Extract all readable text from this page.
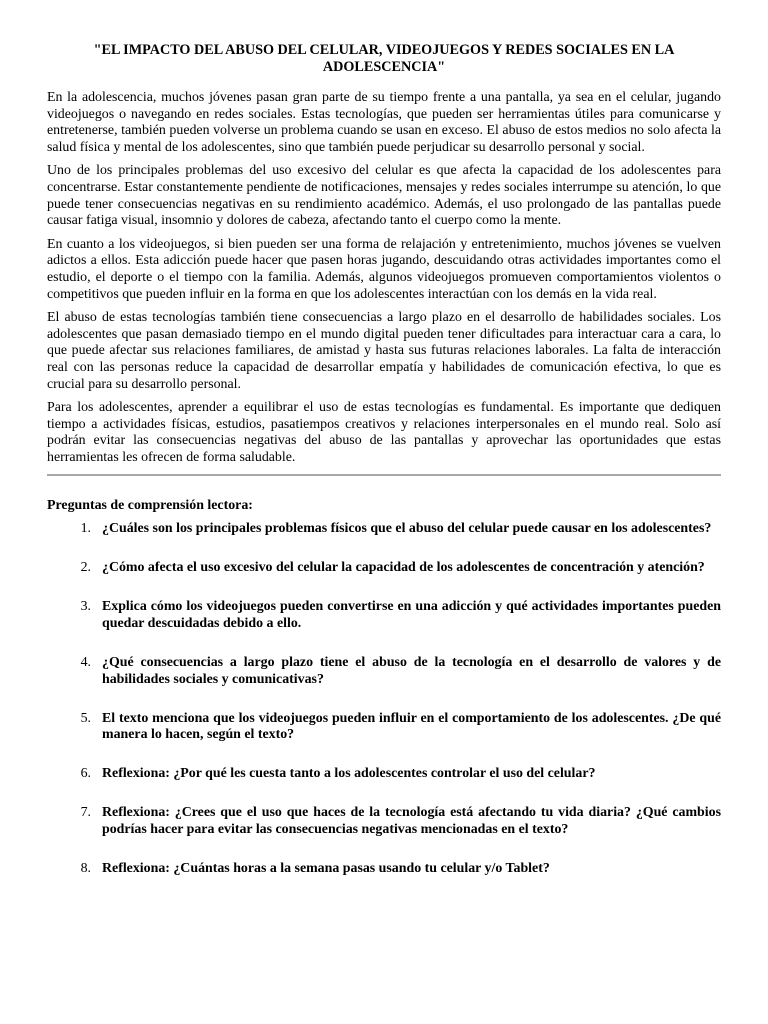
"EL IMPACTO DEL ABUSO DEL CELULAR, VIDEOJUEGOS Y REDES SOCIALES EN LA ADOLESCENCIA"

En la adolescencia, muchos jóvenes pasan gran parte de su tiempo frente a una pantalla, ya sea en el celular, jugando videojuegos o navegando en redes sociales. Estas tecnologías, que pueden ser herramientas útiles para comunicarse y entretenerse, también pueden volverse un problema cuando se usan en exceso. El abuso de estos medios no solo afecta la salud física y mental de los adolescentes, sino que también puede perjudicar su desarrollo personal y social.

Uno de los principales problemas del uso excesivo del celular es que afecta la capacidad de los adolescentes para concentrarse. Estar constantemente pendiente de notificaciones, mensajes y redes sociales interrumpe su atención, lo que puede tener consecuencias negativas en su rendimiento académico. Además, el uso prolongado de las pantallas puede causar fatiga visual, insomnio y dolores de cabeza, afectando tanto el cuerpo como la mente.

En cuanto a los videojuegos, si bien pueden ser una forma de relajación y entretenimiento, muchos jóvenes se vuelven adictos a ellos. Esta adicción puede hacer que pasen horas jugando, descuidando otras actividades importantes como el estudio, el deporte o el tiempo con la familia. Además, algunos videojuegos promueven comportamientos violentos o competitivos que pueden influir en la forma en que los adolescentes interactúan con los demás en la vida real.

El abuso de estas tecnologías también tiene consecuencias a largo plazo en el desarrollo de habilidades sociales. Los adolescentes que pasan demasiado tiempo en el mundo digital pueden tener dificultades para interactuar cara a cara, lo que puede afectar sus relaciones familiares, de amistad y hasta sus futuras relaciones laborales. La falta de interacción real con las personas reduce la capacidad de desarrollar empatía y habilidades de comunicación efectiva, lo que es crucial para su desarrollo personal.

Para los adolescentes, aprender a equilibrar el uso de estas tecnologías es fundamental. Es importante que dediquen tiempo a actividades físicas, estudios, pasatiempos creativos y relaciones interpersonales en el mundo real. Solo así podrán evitar las consecuencias negativas del abuso de las pantallas y aprovechar las oportunidades que estas herramientas les ofrecen de forma saludable.

Preguntas de comprensión lectora:
1. ¿Cuáles son los principales problemas físicos que el abuso del celular puede causar en los adolescentes?
2. ¿Cómo afecta el uso excesivo del celular la capacidad de los adolescentes de concentración y atención?
3. Explica cómo los videojuegos pueden convertirse en una adicción y qué actividades importantes pueden quedar descuidadas debido a ello.
4. ¿Qué consecuencias a largo plazo tiene el abuso de la tecnología en el desarrollo de valores y de habilidades sociales y comunicativas?
5. El texto menciona que los videojuegos pueden influir en el comportamiento de los adolescentes. ¿De qué manera lo hacen, según el texto?
6. Reflexiona: ¿Por qué les cuesta tanto a los adolescentes controlar el uso del celular?
7. Reflexiona: ¿Crees que el uso que haces de la tecnología está afectando tu vida diaria? ¿Qué cambios podrías hacer para evitar las consecuencias negativas mencionadas en el texto?
8. Reflexiona: ¿Cuántas horas a la semana pasas usando tu celular y/o Tablet?
